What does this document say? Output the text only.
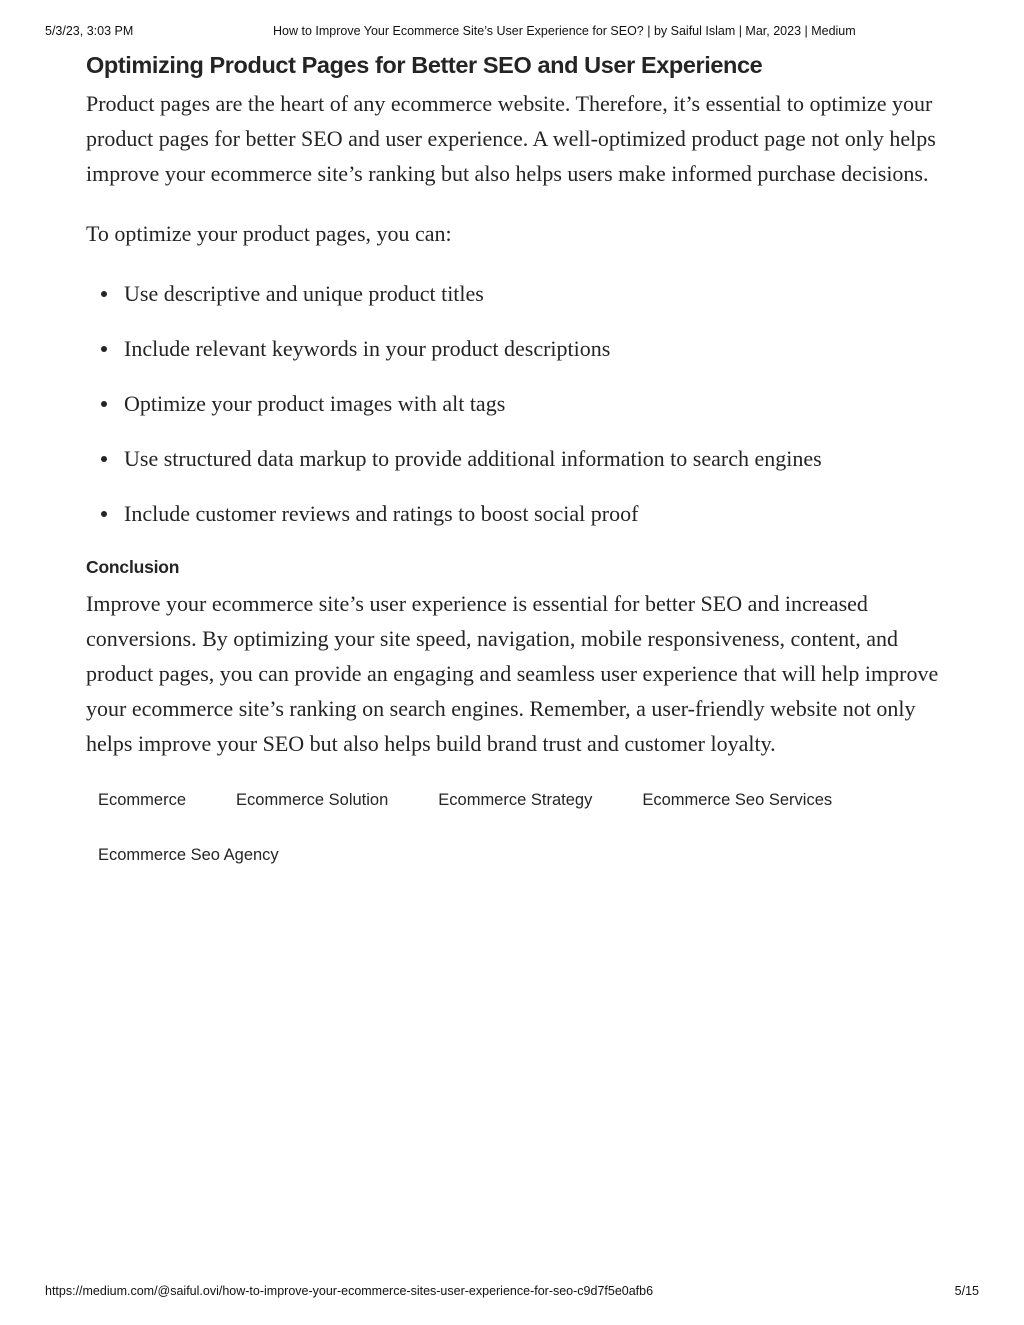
5/3/23, 3:03 PM	How to Improve Your Ecommerce Site’s User Experience for SEO? | by Saiful Islam | Mar, 2023 | Medium
Optimizing Product Pages for Better SEO and User Experience

Product pages are the heart of any ecommerce website. Therefore, it’s essential to optimize your product pages for better SEO and user experience. A well-optimized product page not only helps improve your ecommerce site’s ranking but also helps users make informed purchase decisions.

To optimize your product pages, you can:

Use descriptive and unique product titles
Include relevant keywords in your product descriptions
Optimize your product images with alt tags
Use structured data markup to provide additional information to search engines
Include customer reviews and ratings to boost social proof
Conclusion

Improve your ecommerce site’s user experience is essential for better SEO and increased conversions. By optimizing your site speed, navigation, mobile responsiveness, content, and product pages, you can provide an engaging and seamless user experience that will help improve your ecommerce site’s ranking on search engines. Remember, a user-friendly website not only helps improve your SEO but also helps build brand trust and customer loyalty.

Ecommerce	Ecommerce Solution	Ecommerce Strategy	Ecommerce Seo Services
Ecommerce Seo Agency
https://medium.com/@saiful.ovi/how-to-improve-your-ecommerce-sites-user-experience-for-seo-c9d7f5e0afb6	5/15
